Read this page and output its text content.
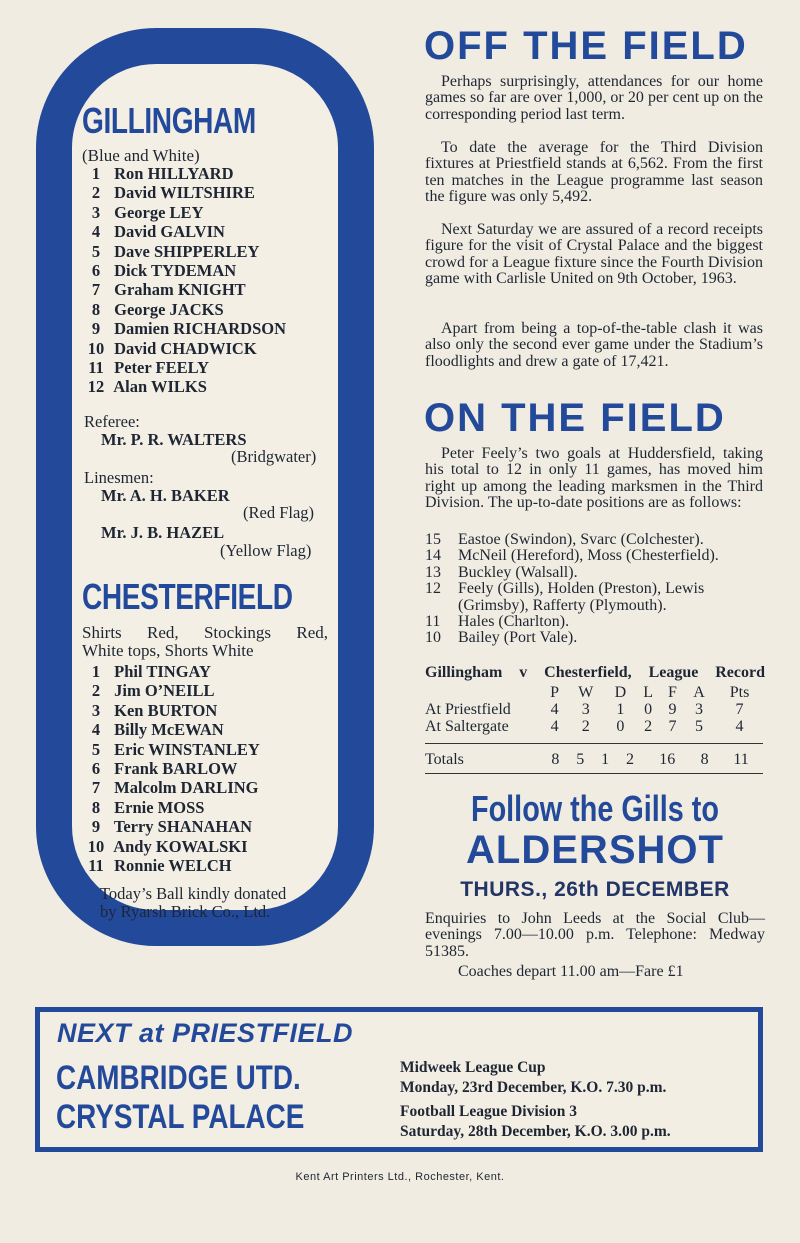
GILLINGHAM

(Blue and White)

1 Ron HILLYARD
2 David WILTSHIRE
3 George LEY
4 David GALVIN
5 Dave SHIPPERLEY
6 Dick TYDEMAN
7 Graham KNIGHT
8 George JACKS
9 Damien RICHARDSON
10 David CHADWICK
11 Peter FEELY
12 Alan WILKS
Referee:
Mr. P. R. WALTERS
(Bridgwater)
Linesmen:
Mr. A. H. BAKER
(Red Flag)
Mr. J. B. HAZEL
(Yellow Flag)
CHESTERFIELD

Shirts Red, Stockings Red,

White tops, Shorts White

1 Phil TINGAY
2 Jim O’NEILL
3 Ken BURTON
4 Billy McEWAN
5 Eric WINSTANLEY
6 Frank BARLOW
7 Malcolm DARLING
8 Ernie MOSS
9 Terry SHANAHAN
10 Andy KOWALSKI
11 Ronnie WELCH
Today’s Ball kindly donated
by Ryarsh Brick Co., Ltd.
OFF THE FIELD

Perhaps surprisingly, attendances for our home games so far are over 1,000, or 20 per cent up on the corresponding period last term.

To date the average for the Third Division fixtures at Priestfield stands at 6,562. From the first ten matches in the League programme last season the figure was only 5,492.

Next Saturday we are assured of a record receipts figure for the visit of Crystal Palace and the biggest crowd for a League fixture since the Fourth Division game with Carlisle United on 9th October, 1963.

Apart from being a top-of-the-table clash it was also only the second ever game under the Stadium’s floodlights and drew a gate of 17,421.

ON THE FIELD

Peter Feely’s two goals at Huddersfield, taking his total to 12 in only 11 games, has moved him right up among the leading marksmen in the Third Division. The up-to-date positions are as follows:

15	Eastoe (Swindon), Svarc (Colchester).
14	McNeil (Hereford), Moss (Chesterfield).
13	Buckley (Walsall).
12	Feely (Gills), Holden (Preston), Lewis (Grimsby), Rafferty (Plymouth).
11	Hales (Charlton).
10	Bailey (Port Vale).
Gillingham v Chesterfield, League Record
	P	W	D	L	F	A	Pts
At Priestfield	4	3	1	0	9	3	7
At Saltergate	4	2	0	2	7	5	4
Totals	8	5	1	2	16	8	11
Follow the Gills to
ALDERSHOT
THURS., 26th DECEMBER

Enquiries to John Leeds at the Social Club—evenings 7.00—10.00 p.m. Telephone: Medway 51385.

Coaches depart 11.00 am—Fare £1
NEXT at PRIESTFIELD
CAMBRIDGE UTD.
CRYSTAL PALACE

Midweek League Cup

Monday, 23rd December, K.O. 7.30 p.m.

Football League Division 3

Saturday, 28th December, K.O. 3.00 p.m.

Kent Art Printers Ltd., Rochester, Kent.
